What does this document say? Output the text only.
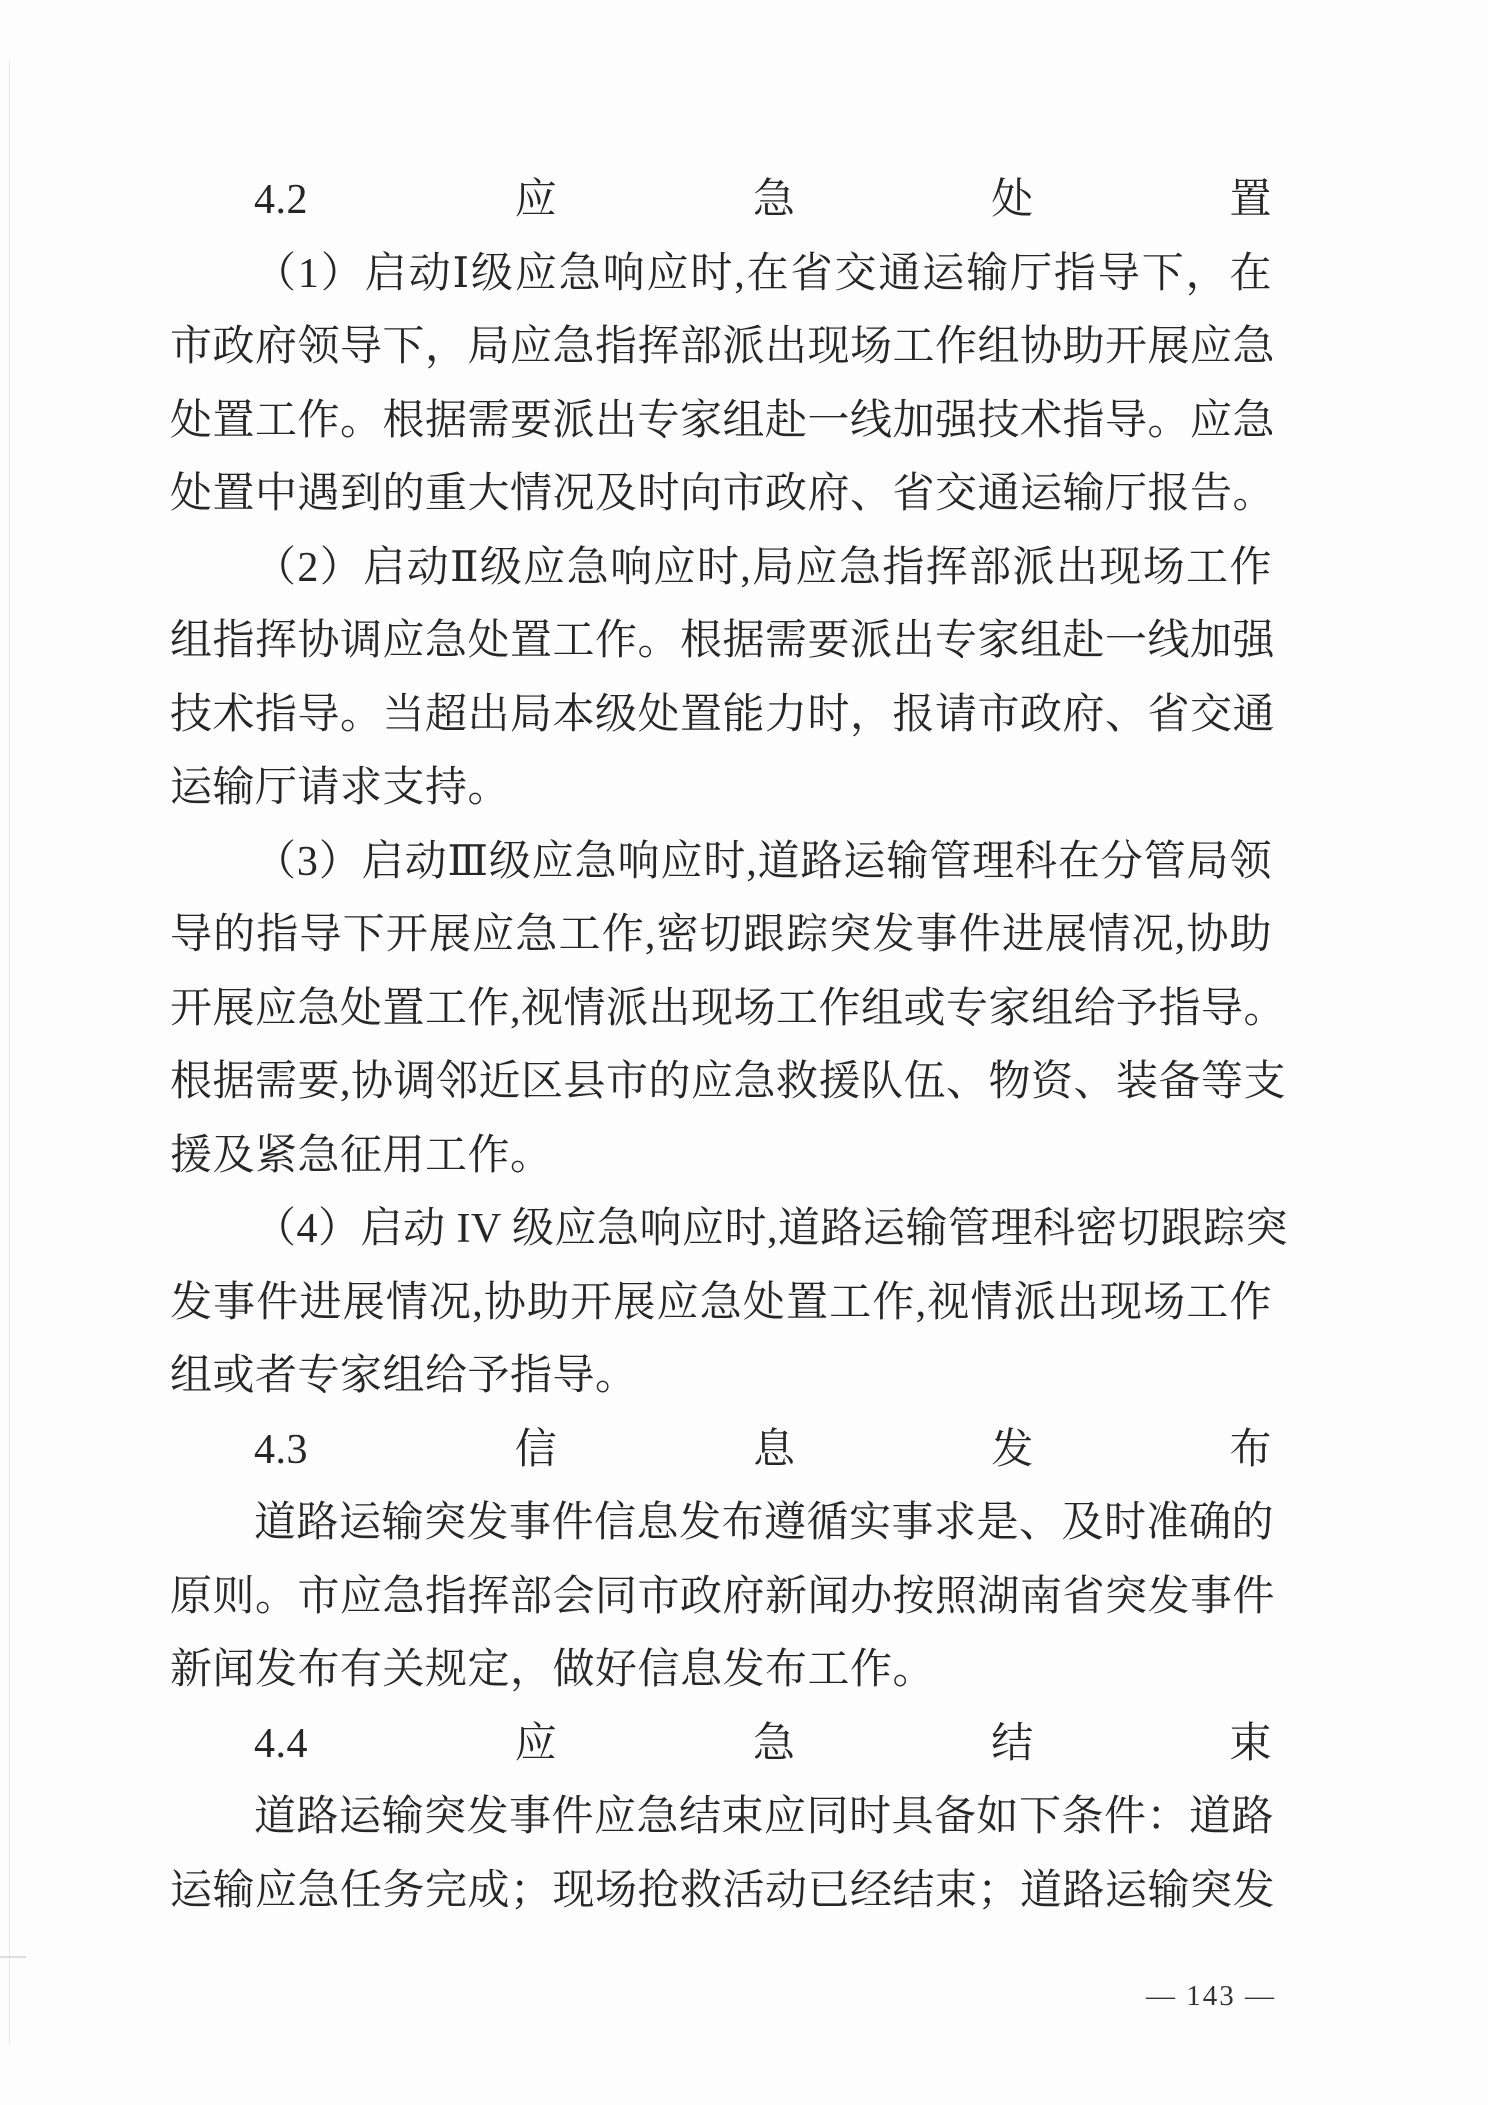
4.2 应急处置
（1）启动Ⅰ级应急响应时,在省交通运输厅指导下，在
市政府领导下，局应急指挥部派出现场工作组协助开展应急
处置工作。根据需要派出专家组赴一线加强技术指导。应急
处置中遇到的重大情况及时向市政府、省交通运输厅报告。
（2）启动Ⅱ级应急响应时,局应急指挥部派出现场工作
组指挥协调应急处置工作。根据需要派出专家组赴一线加强
技术指导。当超出局本级处置能力时，报请市政府、省交通
运输厅请求支持。
（3）启动Ⅲ级应急响应时,道路运输管理科在分管局领
导的指导下开展应急工作,密切跟踪突发事件进展情况,协助
开展应急处置工作,视情派出现场工作组或专家组给予指导。
根据需要,协调邻近区县市的应急救援队伍、物资、装备等支
援及紧急征用工作。
（4）启动 IV 级应急响应时,道路运输管理科密切跟踪突
发事件进展情况,协助开展应急处置工作,视情派出现场工作
组或者专家组给予指导。
4.3 信息发布
道路运输突发事件信息发布遵循实事求是、及时准确的
原则。市应急指挥部会同市政府新闻办按照湖南省突发事件
新闻发布有关规定，做好信息发布工作。
4.4 应急结束
道路运输突发事件应急结束应同时具备如下条件：道路
运输应急任务完成；现场抢救活动已经结束；道路运输突发
— 143 —
